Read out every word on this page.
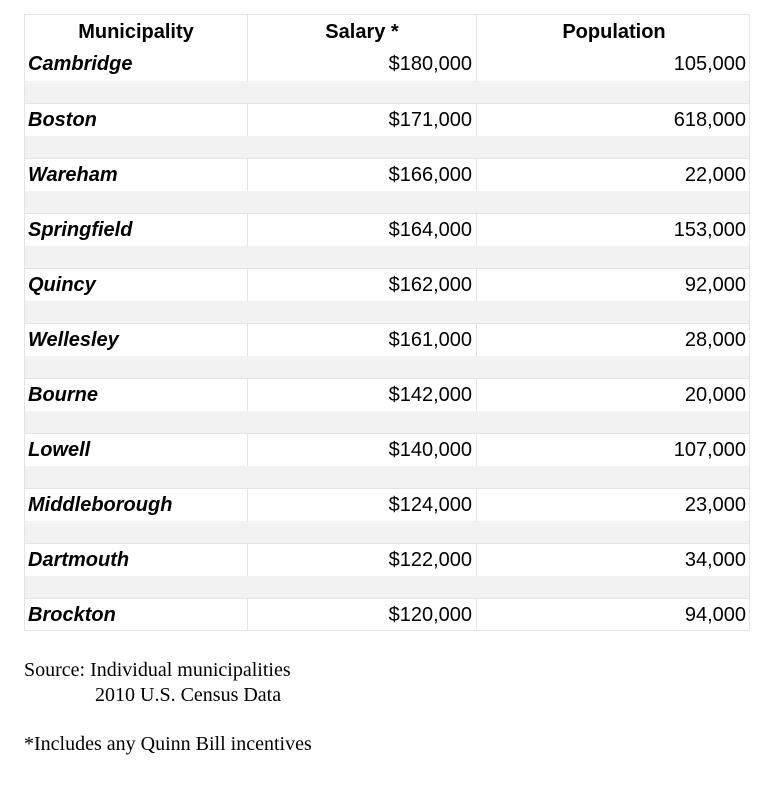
Municipality	Salary *	Population
Cambridge	$180,000	105,000
Boston	$171,000	618,000
Wareham	$166,000	22,000
Springfield	$164,000	153,000
Quincy	$162,000	92,000
Wellesley	$161,000	28,000
Bourne	$142,000	20,000
Lowell	$140,000	107,000
Middleborough	$124,000	23,000
Dartmouth	$122,000	34,000
Brockton	$120,000	94,000
Source: Individual municipalities
2010 U.S. Census Data
*Includes any Quinn Bill incentives
